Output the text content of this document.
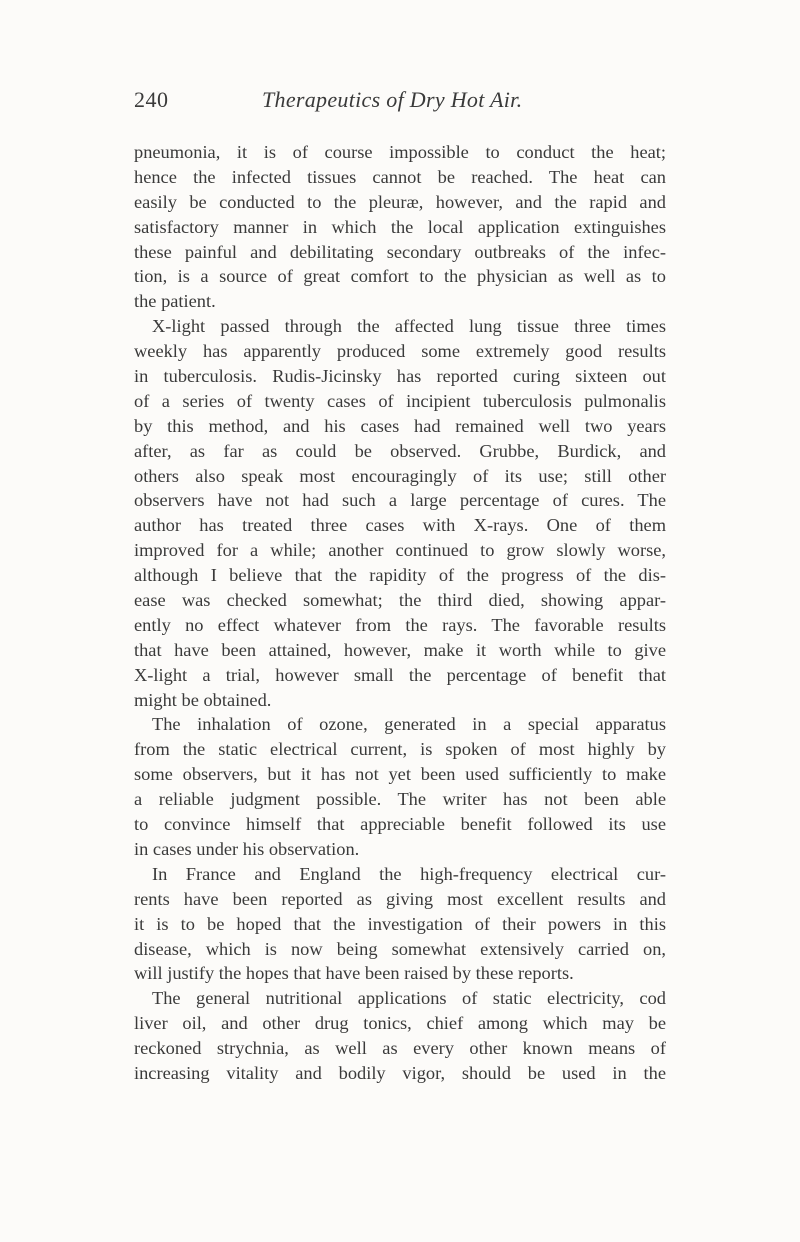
240	Therapeutics of Dry Hot Air.
pneumonia, it is of course impossible to conduct the heat;
hence the infected tissues cannot be reached. The heat can
easily be conducted to the pleuræ, however, and the rapid and
satisfactory manner in which the local application extinguishes
these painful and debilitating secondary outbreaks of the infec-
tion, is a source of great comfort to the physician as well as to
the patient.
X-light passed through the affected lung tissue three times
weekly has apparently produced some extremely good results
in tuberculosis. Rudis-Jicinsky has reported curing sixteen out
of a series of twenty cases of incipient tuberculosis pulmonalis
by this method, and his cases had remained well two years
after, as far as could be observed. Grubbe, Burdick, and
others also speak most encouragingly of its use; still other
observers have not had such a large percentage of cures. The
author has treated three cases with X-rays. One of them
improved for a while; another continued to grow slowly worse,
although I believe that the rapidity of the progress of the dis-
ease was checked somewhat; the third died, showing appar-
ently no effect whatever from the rays. The favorable results
that have been attained, however, make it worth while to give
X-light a trial, however small the percentage of benefit that
might be obtained.
The inhalation of ozone, generated in a special apparatus
from the static electrical current, is spoken of most highly by
some observers, but it has not yet been used sufficiently to make
a reliable judgment possible. The writer has not been able
to convince himself that appreciable benefit followed its use
in cases under his observation.
In France and England the high-frequency electrical cur-
rents have been reported as giving most excellent results and
it is to be hoped that the investigation of their powers in this
disease, which is now being somewhat extensively carried on,
will justify the hopes that have been raised by these reports.
The general nutritional applications of static electricity, cod
liver oil, and other drug tonics, chief among which may be
reckoned strychnia, as well as every other known means of
increasing vitality and bodily vigor, should be used in the
